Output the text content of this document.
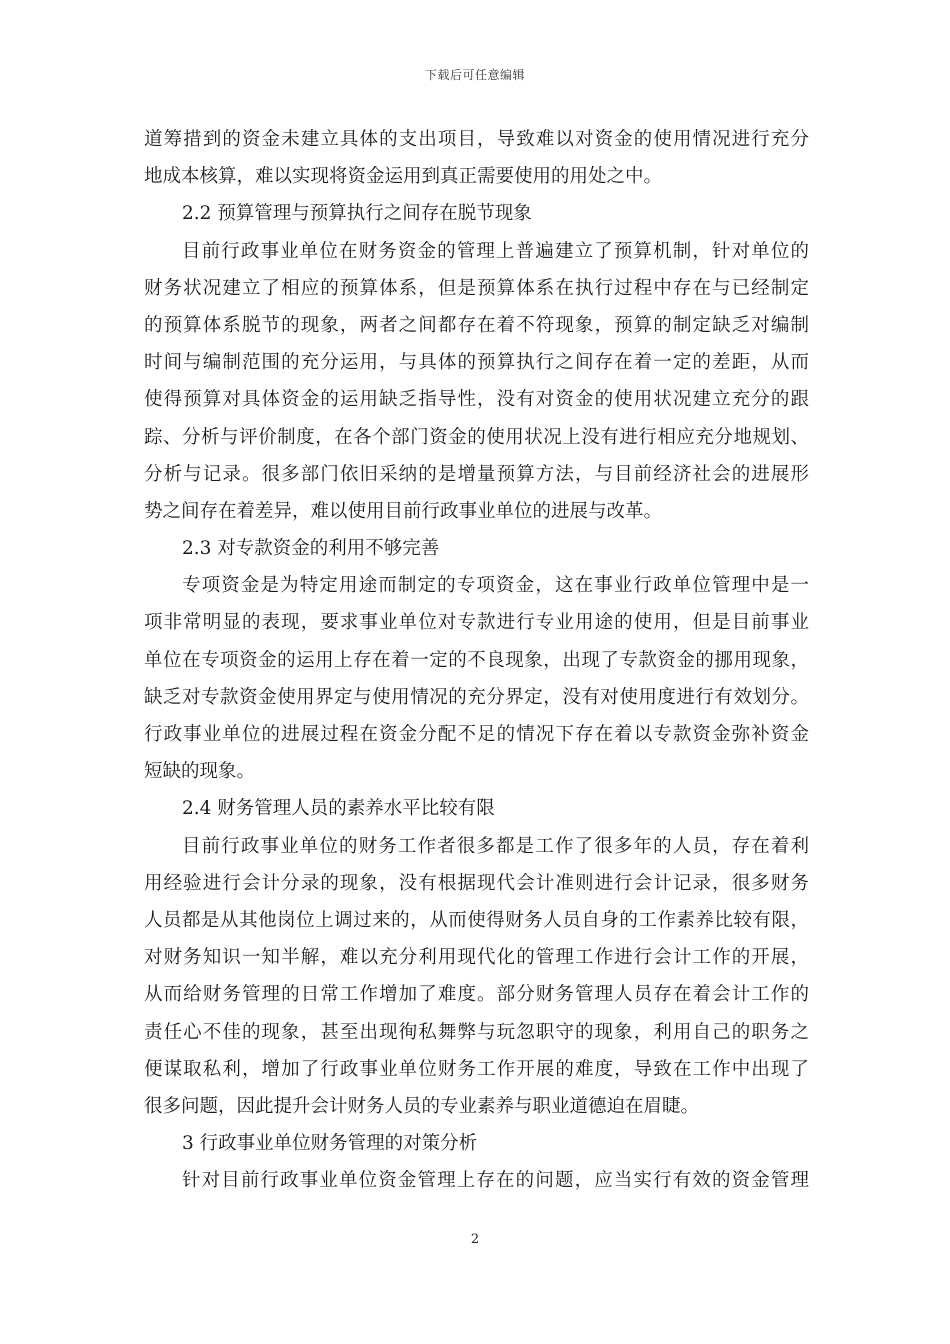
下载后可任意编辑
道筹措到的资金未建立具体的支出项目，导致难以对资金的使用情况进行充分
地成本核算，难以实现将资金运用到真正需要使用的用处之中。
2.2 预算管理与预算执行之间存在脱节现象
目前行政事业单位在财务资金的管理上普遍建立了预算机制，针对单位的
财务状况建立了相应的预算体系，但是预算体系在执行过程中存在与已经制定
的预算体系脱节的现象，两者之间都存在着不符现象，预算的制定缺乏对编制
时间与编制范围的充分运用，与具体的预算执行之间存在着一定的差距，从而
使得预算对具体资金的运用缺乏指导性，没有对资金的使用状况建立充分的跟
踪、分析与评价制度，在各个部门资金的使用状况上没有进行相应充分地规划、
分析与记录。很多部门依旧采纳的是增量预算方法，与目前经济社会的进展形
势之间存在着差异，难以使用目前行政事业单位的进展与改革。
2.3 对专款资金的利用不够完善
专项资金是为特定用途而制定的专项资金，这在事业行政单位管理中是一
项非常明显的表现，要求事业单位对专款进行专业用途的使用，但是目前事业
单位在专项资金的运用上存在着一定的不良现象，出现了专款资金的挪用现象，
缺乏对专款资金使用界定与使用情况的充分界定，没有对使用度进行有效划分。
行政事业单位的进展过程在资金分配不足的情况下存在着以专款资金弥补资金
短缺的现象。
2.4 财务管理人员的素养水平比较有限
目前行政事业单位的财务工作者很多都是工作了很多年的人员，存在着利
用经验进行会计分录的现象，没有根据现代会计准则进行会计记录，很多财务
人员都是从其他岗位上调过来的，从而使得财务人员自身的工作素养比较有限，
对财务知识一知半解，难以充分利用现代化的管理工作进行会计工作的开展，
从而给财务管理的日常工作增加了难度。部分财务管理人员存在着会计工作的
责任心不佳的现象，甚至出现徇私舞弊与玩忽职守的现象，利用自己的职务之
便谋取私利，增加了行政事业单位财务工作开展的难度，导致在工作中出现了
很多问题，因此提升会计财务人员的专业素养与职业道德迫在眉睫。
3 行政事业单位财务管理的对策分析
针对目前行政事业单位资金管理上存在的问题，应当实行有效的资金管理
2
